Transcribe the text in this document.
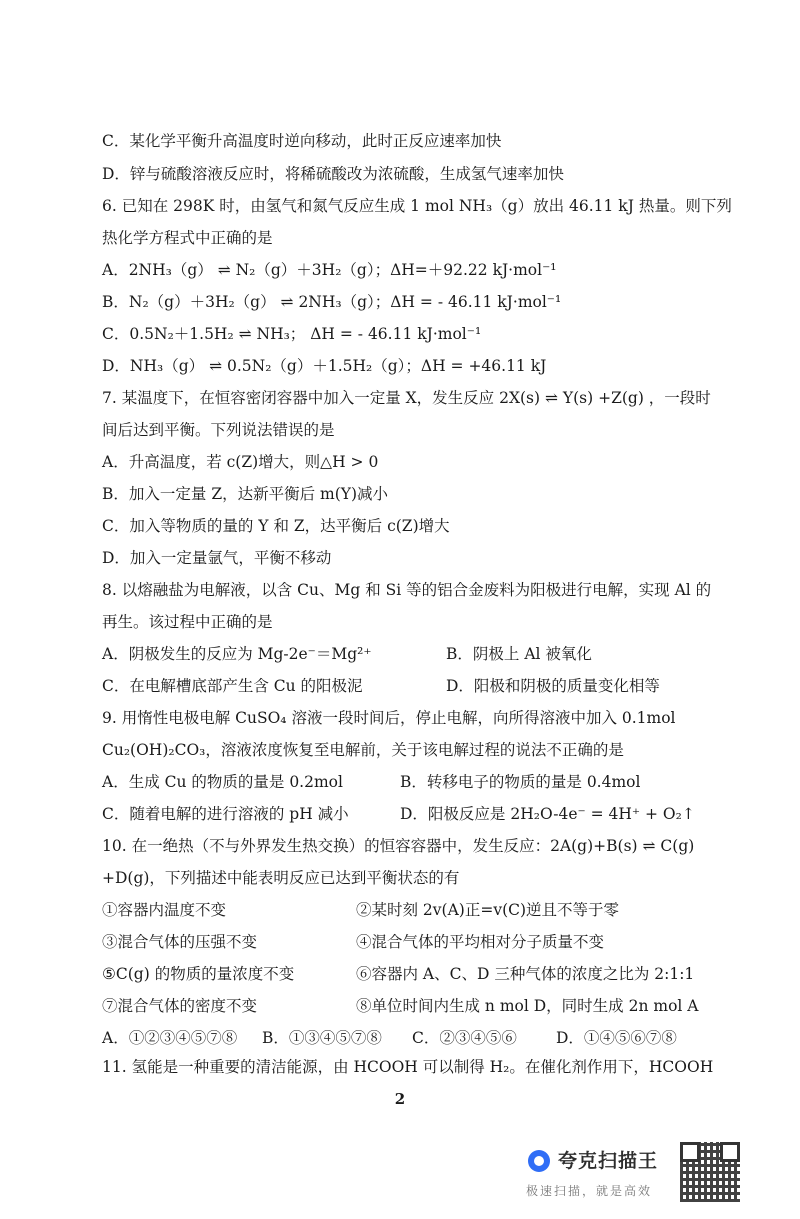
C．某化学平衡升高温度时逆向移动，此时正反应速率加快
D．锌与硫酸溶液反应时，将稀硫酸改为浓硫酸，生成氢气速率加快
6. 已知在 298K 时，由氢气和氮气反应生成 1 mol NH₃（g）放出 46.11 kJ 热量。则下列
热化学方程式中正确的是
A．2NH₃（g） ⇌ N₂（g）＋3H₂（g）；ΔH=＋92.22 kJ·mol⁻¹
B．N₂（g）＋3H₂（g） ⇌ 2NH₃（g）；ΔH = - 46.11 kJ·mol⁻¹
C．0.5N₂＋1.5H₂ ⇌ NH₃； ΔH = - 46.11 kJ·mol⁻¹
D．NH₃（g） ⇌ 0.5N₂（g）＋1.5H₂（g）；ΔH = +46.11 kJ
7. 某温度下，在恒容密闭容器中加入一定量 X，发生反应 2X(s) ⇌ Y(s) +Z(g) ，一段时
间后达到平衡。下列说法错误的是
A．升高温度，若 c(Z)增大，则△H > 0
B．加入一定量 Z，达新平衡后 m(Y)减小
C．加入等物质的量的 Y 和 Z，达平衡后 c(Z)增大
D．加入一定量氩气，平衡不移动
8. 以熔融盐为电解液，以含 Cu、Mg 和 Si 等的铝合金废料为阳极进行电解，实现 Al 的
再生。该过程中正确的是
A．阴极发生的反应为 Mg-2e⁻＝Mg²⁺	B．阴极上 Al 被氧化
C．在电解槽底部产生含 Cu 的阳极泥	D．阳极和阴极的质量变化相等
9. 用惰性电极电解 CuSO₄ 溶液一段时间后，停止电解，向所得溶液中加入 0.1mol
Cu₂(OH)₂CO₃，溶液浓度恢复至电解前，关于该电解过程的说法不正确的是
A．生成 Cu 的物质的量是 0.2mol	B．转移电子的物质的量是 0.4mol
C．随着电解的进行溶液的 pH 减小	D．阳极反应是 2H₂O-4e⁻ = 4H⁺ + O₂↑
10. 在一绝热（不与外界发生热交换）的恒容容器中，发生反应：2A(g)+B(s) ⇌ C(g)
+D(g)，下列描述中能表明反应已达到平衡状态的有
①容器内温度不变	②某时刻 2v(A)正=v(C)逆且不等于零
③混合气体的压强不变	④混合气体的平均相对分子质量不变
⑤C(g) 的物质的量浓度不变	⑥容器内 A、C、D 三种气体的浓度之比为 2:1:1
⑦混合气体的密度不变	⑧单位时间内生成 n mol D，同时生成 2n mol A
A．①②③④⑤⑦⑧ B．①③④⑤⑦⑧ C．②③④⑤⑥	D．①④⑤⑥⑦⑧
11. 氢能是一种重要的清洁能源，由 HCOOH 可以制得 H₂。在催化剂作用下，HCOOH
2
夸克扫描王
极速扫描，就是高效
